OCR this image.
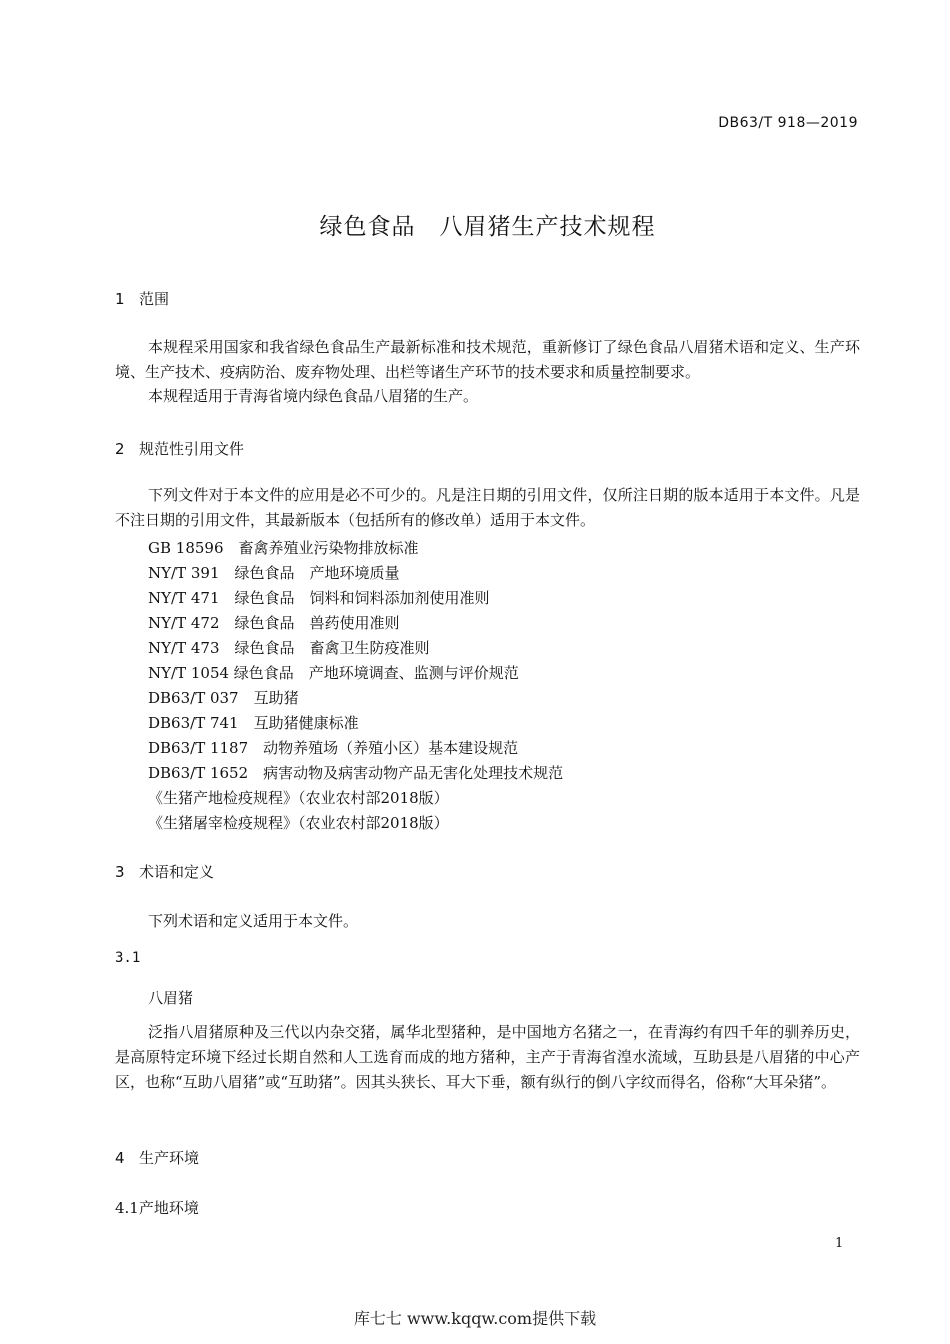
DB63/T 918—2019
绿色食品　八眉猪生产技术规程
1 范围
本规程采用国家和我省绿色食品生产最新标准和技术规范，重新修订了绿色食品八眉猪术语和定义、生产环境、生产技术、疫病防治、废弃物处理、出栏等诸生产环节的技术要求和质量控制要求。
本规程适用于青海省境内绿色食品八眉猪的生产。
2 规范性引用文件
下列文件对于本文件的应用是必不可少的。凡是注日期的引用文件，仅所注日期的版本适用于本文件。凡是不注日期的引用文件，其最新版本（包括所有的修改单）适用于本文件。
GB 18596　畜禽养殖业污染物排放标准
NY/T 391　绿色食品　产地环境质量
NY/T 471　绿色食品　饲料和饲料添加剂使用准则
NY/T 472　绿色食品　兽药使用准则
NY/T 473　绿色食品　畜禽卫生防疫准则
NY/T 1054 绿色食品　产地环境调查、监测与评价规范
DB63/T 037　互助猪
DB63/T 741　互助猪健康标准
DB63/T 1187　动物养殖场（养殖小区）基本建设规范
DB63/T 1652　病害动物及病害动物产品无害化处理技术规范
《生猪产地检疫规程》（农业农村部2018版）
《生猪屠宰检疫规程》（农业农村部2018版）
3 术语和定义
下列术语和定义适用于本文件。
3.1
八眉猪
泛指八眉猪原种及三代以内杂交猪，属华北型猪种，是中国地方名猪之一，在青海约有四千年的驯养历史，是高原特定环境下经过长期自然和人工选育而成的地方猪种，主产于青海省湟水流域，互助县是八眉猪的中心产区，也称“互助八眉猪”或“互助猪”。因其头狭长、耳大下垂，额有纵行的倒八字纹而得名，俗称“大耳朵猪”。
4 生产环境
4.1产地环境
1
库七七 www.kqqw.com提供下载
